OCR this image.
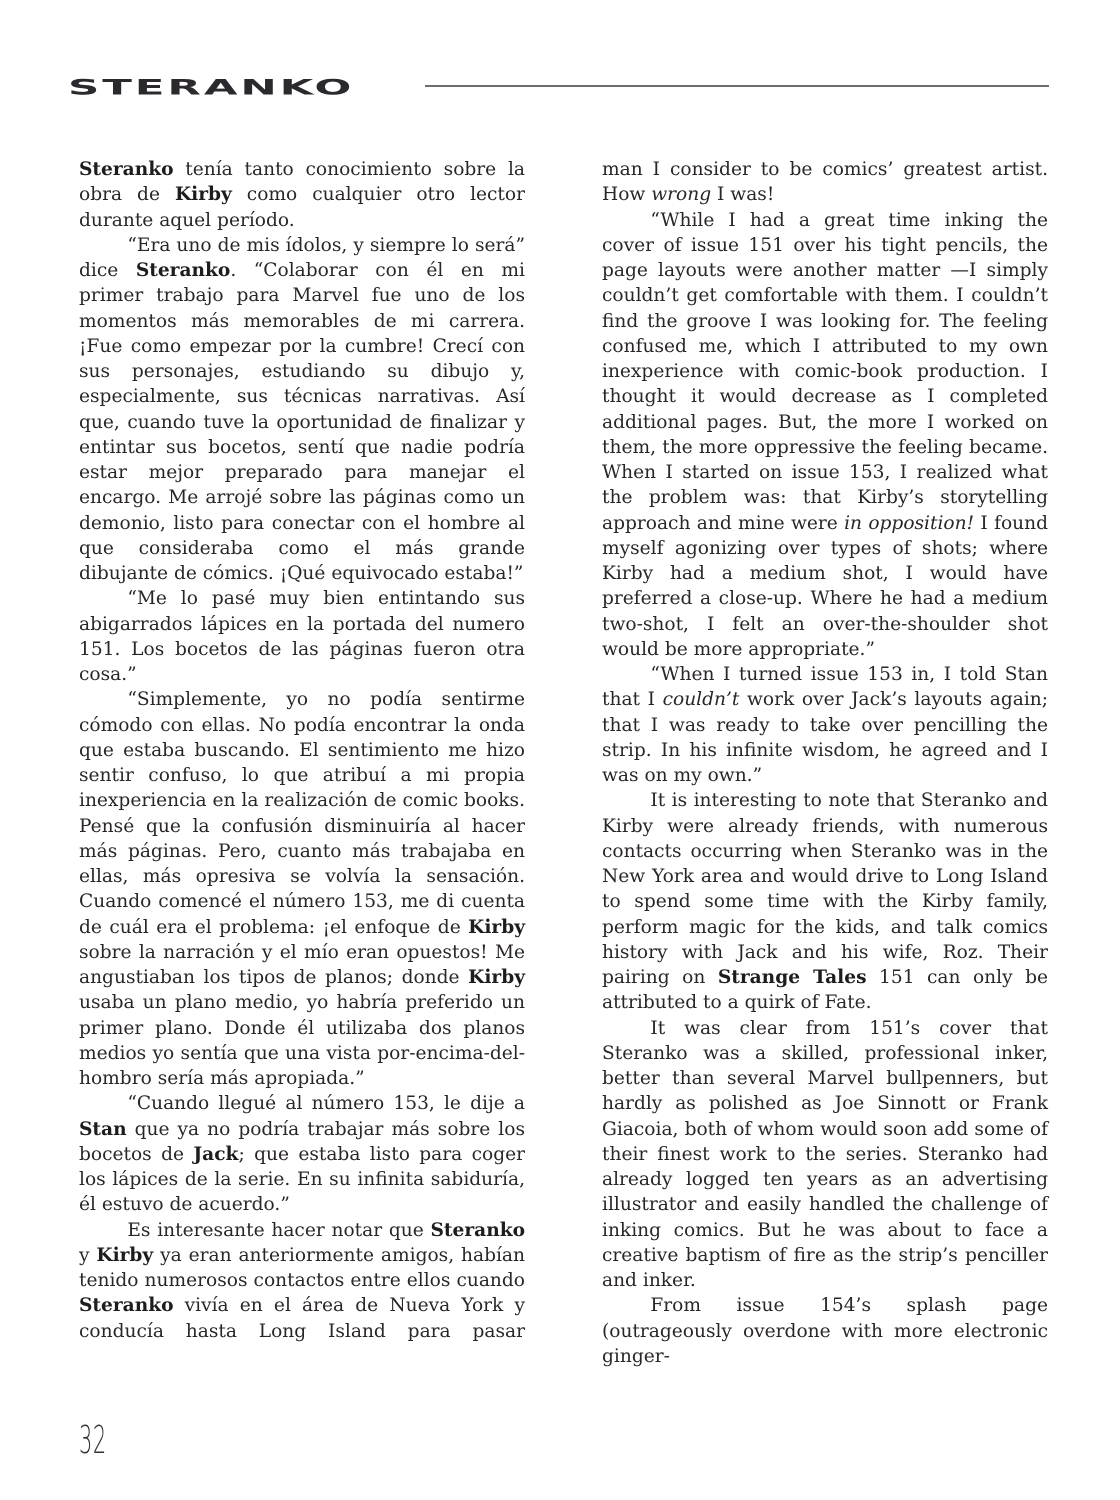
STERANKO

Steranko tenía tanto conocimiento sobre la obra de Kirby como cualquier otro lector durante aquel período.

“Era uno de mis ídolos, y siempre lo será” dice Steranko. “Colaborar con él en mi primer trabajo para Marvel fue uno de los momentos más memorables de mi carrera. ¡Fue como empezar por la cumbre! Crecí con sus personajes, estudiando su dibujo y, especialmente, sus técnicas narrativas. Así que, cuando tuve la oportunidad de finalizar y entintar sus bocetos, sentí que nadie podría estar mejor preparado para manejar el encargo. Me arrojé sobre las páginas como un demonio, listo para conectar con el hombre al que consideraba como el más grande dibujante de cómics. ¡Qué equivocado estaba!”

“Me lo pasé muy bien entintando sus abigarrados lápices en la portada del numero 151. Los bocetos de las páginas fueron otra cosa.”

“Simplemente, yo no podía sentirme cómodo con ellas. No podía encontrar la onda que estaba buscando. El sentimiento me hizo sentir confuso, lo que atribuí a mi propia inexperiencia en la realización de comic books. Pensé que la confusión disminuiría al hacer más páginas. Pero, cuanto más trabajaba en ellas, más opresiva se volvía la sensación. Cuando comencé el número 153, me di cuenta de cuál era el problema: ¡el enfoque de Kirby sobre la narración y el mío eran opuestos! Me angustiaban los tipos de planos; donde Kirby usaba un plano medio, yo habría preferido un primer plano. Donde él utilizaba dos planos medios yo sentía que una vista por-encima-del-hombro sería más apropiada.”

“Cuando llegué al número 153, le dije a Stan que ya no podría trabajar más sobre los bocetos de Jack; que estaba listo para coger los lápices de la serie. En su infinita sabiduría, él estuvo de acuerdo.”

Es interesante hacer notar que Steranko y Kirby ya eran anteriormente amigos, habían tenido numerosos contactos entre ellos cuando Steranko vivía en el área de Nueva York y conducía hasta Long Island para pasar

man I consider to be comics’ greatest artist. How wrong I was!

“While I had a great time inking the cover of issue 151 over his tight pencils, the page layouts were another matter —I simply couldn’t get comfortable with them. I couldn’t find the groove I was looking for. The feeling confused me, which I attributed to my own inexperience with comic-book production. I thought it would decrease as I completed additional pages. But, the more I worked on them, the more oppressive the feeling became. When I started on issue 153, I realized what the problem was: that Kirby’s storytelling approach and mine were in opposition! I found myself agonizing over types of shots; where Kirby had a medium shot, I would have preferred a close-up. Where he had a medium two-shot, I felt an over-the-shoulder shot would be more appropriate.”

“When I turned issue 153 in, I told Stan that I couldn’t work over Jack’s layouts again; that I was ready to take over pencilling the strip. In his infinite wisdom, he agreed and I was on my own.”

It is interesting to note that Steranko and Kirby were already friends, with numerous contacts occurring when Steranko was in the New York area and would drive to Long Island to spend some time with the Kirby family, perform magic for the kids, and talk comics history with Jack and his wife, Roz. Their pairing on Strange Tales 151 can only be attributed to a quirk of Fate.

It was clear from 151’s cover that Steranko was a skilled, professional inker, better than several Marvel bullpenners, but hardly as polished as Joe Sinnott or Frank Giacoia, both of whom would soon add some of their finest work to the series. Steranko had already logged ten years as an advertising illustrator and easily handled the challenge of inking comics. But he was about to face a creative baptism of fire as the strip’s penciller and inker.

From issue 154’s splash page (outrageously overdone with more electronic ginger-

32
